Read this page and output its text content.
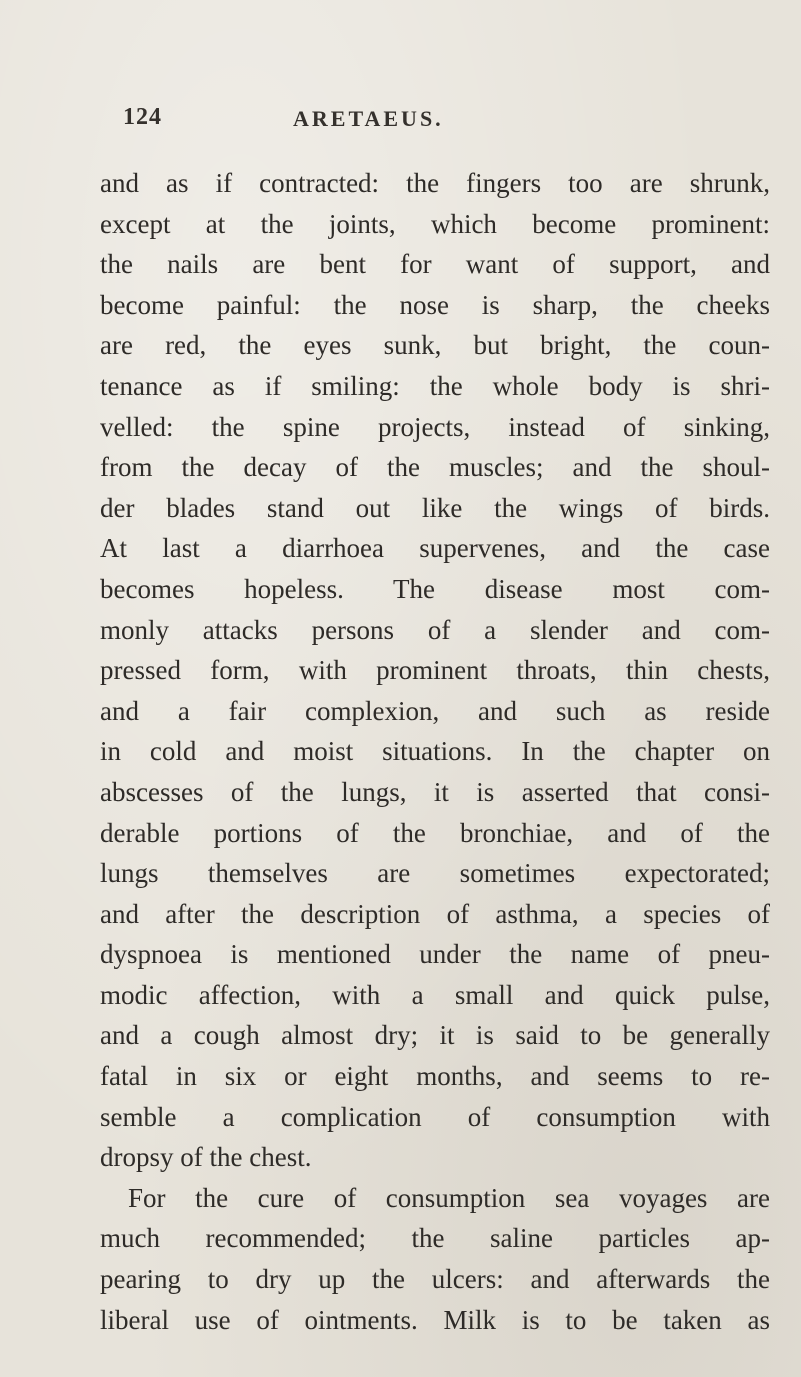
124	ARETAEUS.
and as if contracted: the fingers too are shrunk,
except at the joints, which become prominent:
the nails are bent for want of support, and
become painful: the nose is sharp, the cheeks
are red, the eyes sunk, but bright, the coun-
tenance as if smiling: the whole body is shri-
velled: the spine projects, instead of sinking,
from the decay of the muscles; and the shoul-
der blades stand out like the wings of birds.
At last a diarrhoea supervenes, and the case
becomes hopeless. The disease most com-
monly attacks persons of a slender and com-
pressed form, with prominent throats, thin chests,
and a fair complexion, and such as reside
in cold and moist situations. In the chapter on
abscesses of the lungs, it is asserted that consi-
derable portions of the bronchiae, and of the
lungs themselves are sometimes expectorated;
and after the description of asthma, a species of
dyspnoea is mentioned under the name of pneu-
modic affection, with a small and quick pulse,
and a cough almost dry; it is said to be generally
fatal in six or eight months, and seems to re-
semble a complication of consumption with
dropsy of the chest.
For the cure of consumption sea voyages are
much recommended; the saline particles ap-
pearing to dry up the ulcers: and afterwards the
liberal use of ointments. Milk is to be taken as
